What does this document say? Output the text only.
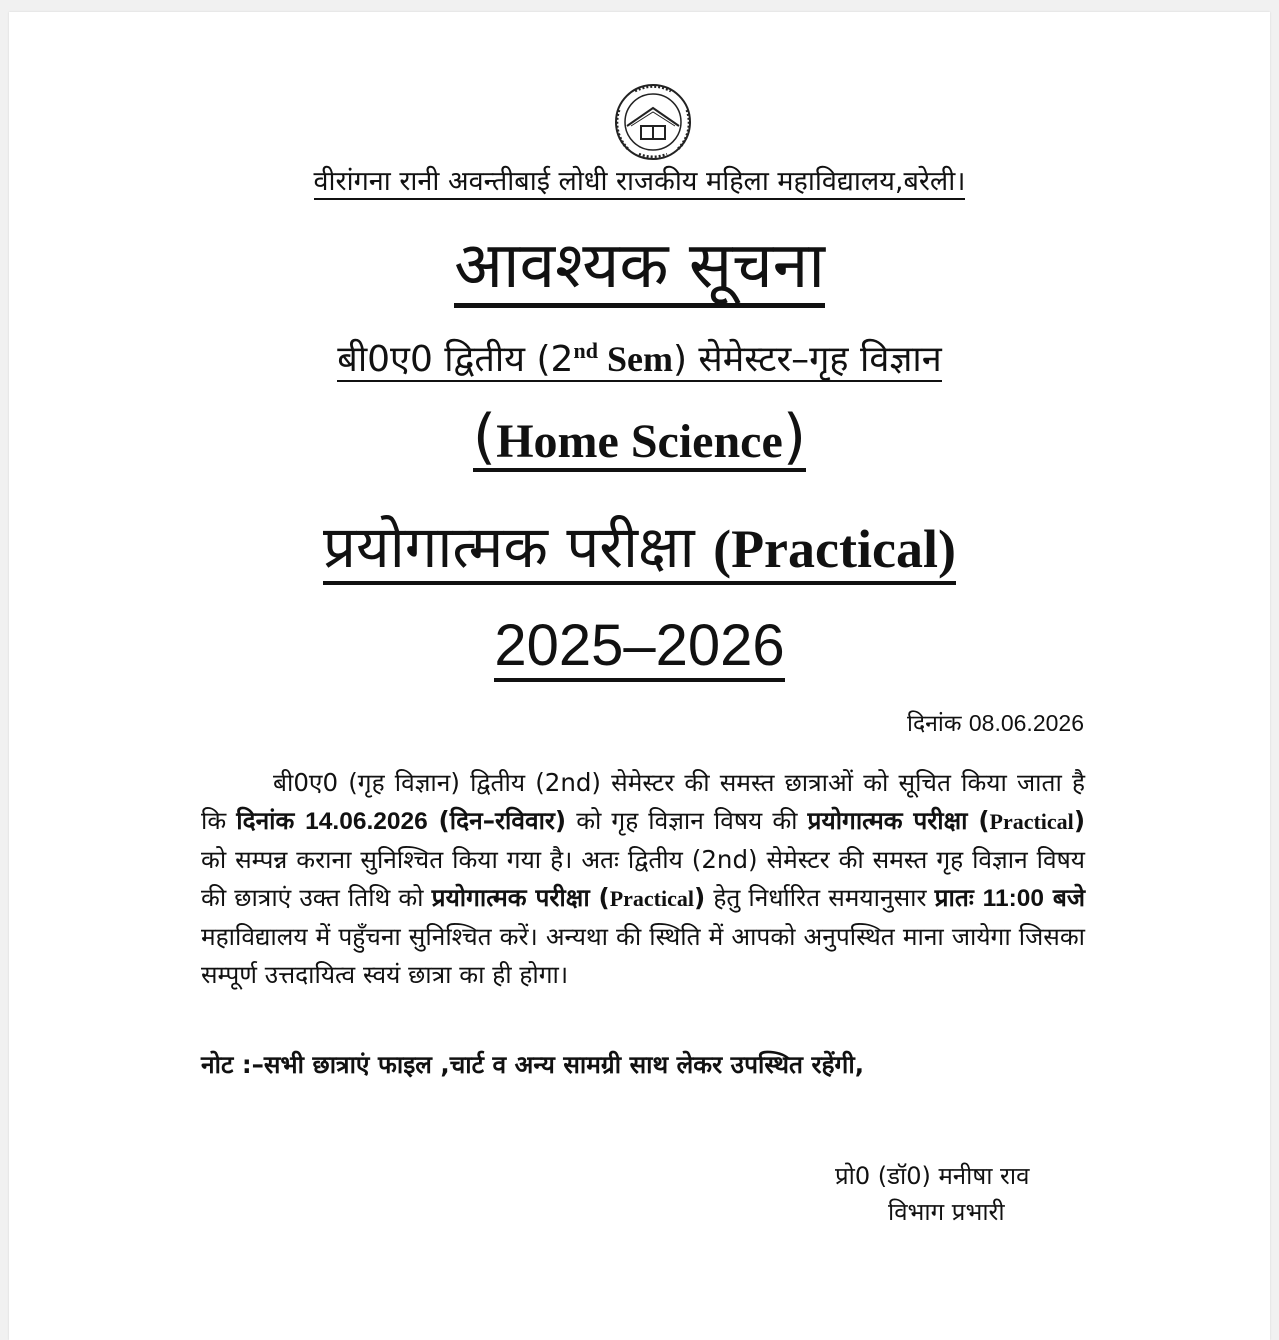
वीरांगना रानी अवन्तीबाई लोधी राजकीय महिला महाविद्यालय,बरेली।
आवश्यक सूचना
बी0ए0 द्वितीय (2nd Sem) सेमेस्टर–गृह विज्ञान
(Home Science)
प्रयोगात्मक परीक्षा (Practical)
2025–2026
दिनांक 08.06.2026

बी0ए0 (गृह विज्ञान) द्वितीय (2nd) सेमेस्टर की समस्त छात्राओं को सूचित किया जाता है कि दिनांक 14.06.2026 (दिन–रविवार) को गृह विज्ञान विषय की प्रयोगात्मक परीक्षा (Practical) को सम्पन्न कराना सुनिश्चित किया गया है। अतः द्वितीय (2nd) सेमेस्टर की समस्त गृह विज्ञान विषय की छात्राएं उक्त तिथि को प्रयोगात्मक परीक्षा (Practical) हेतु निर्धारित समयानुसार प्रातः 11:00 बजे महाविद्यालय में पहुँचना सुनिश्चित करें। अन्यथा की स्थिति में आपको अनुपस्थित माना जायेगा जिसका सम्पूर्ण उत्तदायित्व स्वयं छात्रा का ही होगा।

नोट :–सभी छात्राएं फाइल ,चार्ट व अन्य सामग्री साथ लेकर उपस्थित रहेंगी,
प्रो0 (डॉ0) मनीषा राव
विभाग प्रभारी
